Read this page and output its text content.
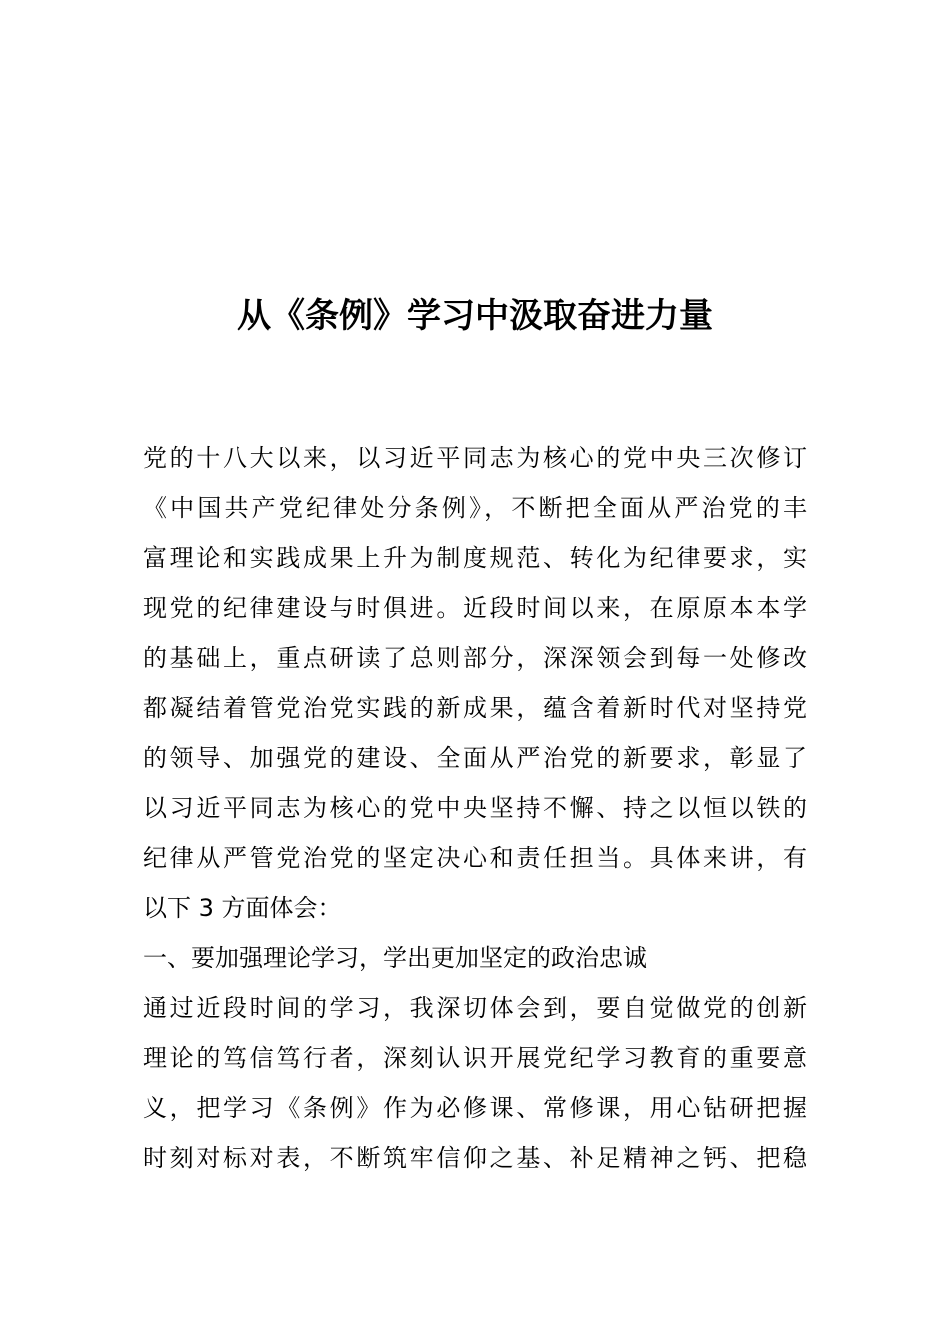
从《条例》学习中汲取奋进力量
党的十八大以来，以习近平同志为核心的党中央三次修订
《中国共产党纪律处分条例》，不断把全面从严治党的丰
富理论和实践成果上升为制度规范、转化为纪律要求，实
现党的纪律建设与时俱进。近段时间以来，在原原本本学
的基础上，重点研读了总则部分，深深领会到每一处修改
都凝结着管党治党实践的新成果，蕴含着新时代对坚持党
的领导、加强党的建设、全面从严治党的新要求，彰显了
以习近平同志为核心的党中央坚持不懈、持之以恒以铁的
纪律从严管党治党的坚定决心和责任担当。具体来讲，有
以下 3 方面体会：
一、要加强理论学习，学出更加坚定的政治忠诚
通过近段时间的学习，我深切体会到，要自觉做党的创新
理论的笃信笃行者，深刻认识开展党纪学习教育的重要意
义，把学习《条例》作为必修课、常修课，用心钻研把握
时刻对标对表，不断筑牢信仰之基、补足精神之钙、把稳
